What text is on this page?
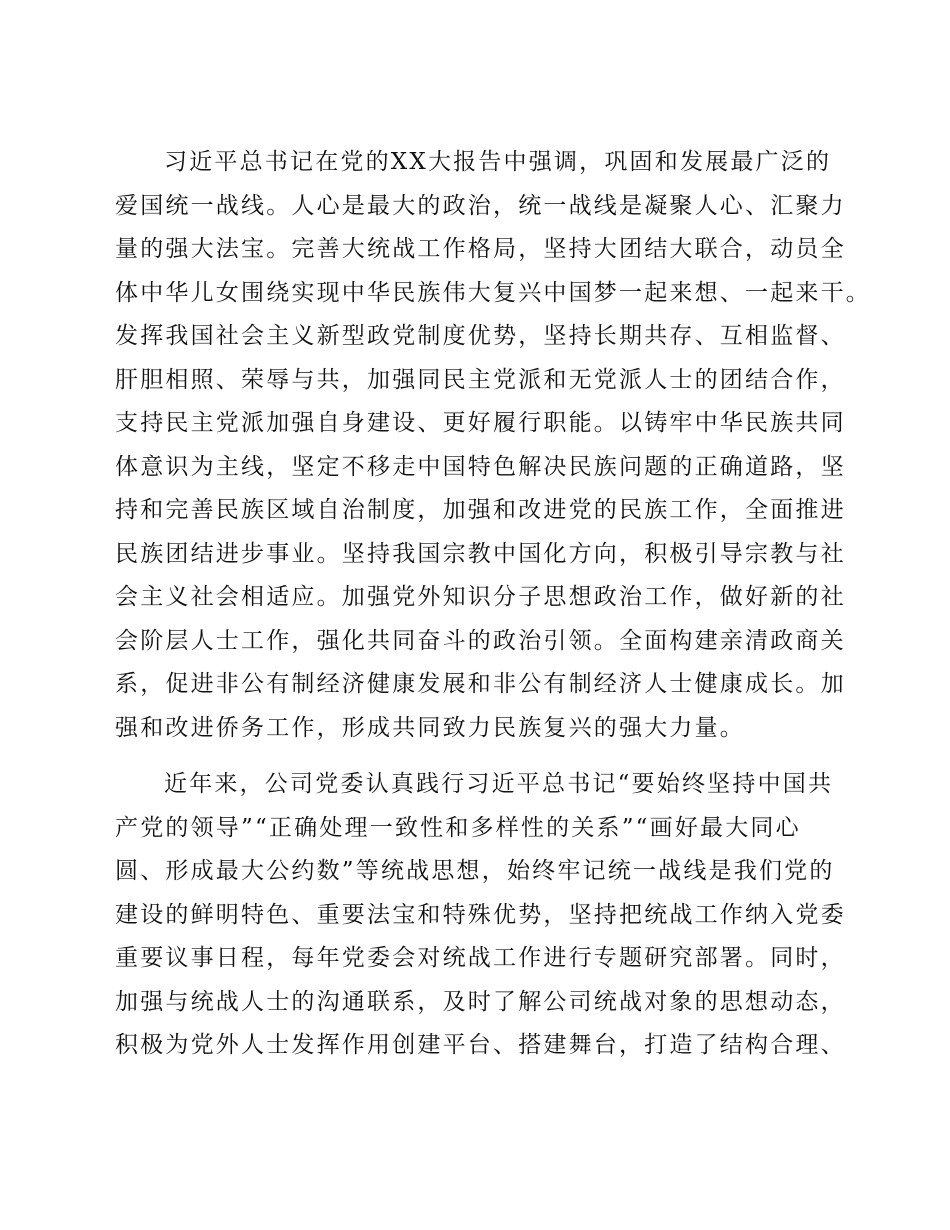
习近平总书记在党的XX大报告中强调，巩固和发展最广泛的
爱国统一战线。人心是最大的政治，统一战线是凝聚人心、汇聚力
量的强大法宝。完善大统战工作格局，坚持大团结大联合，动员全
体中华儿女围绕实现中华民族伟大复兴中国梦一起来想、一起来干。
发挥我国社会主义新型政党制度优势，坚持长期共存、互相监督、
肝胆相照、荣辱与共，加强同民主党派和无党派人士的团结合作，
支持民主党派加强自身建设、更好履行职能。以铸牢中华民族共同
体意识为主线，坚定不移走中国特色解决民族问题的正确道路，坚
持和完善民族区域自治制度，加强和改进党的民族工作，全面推进
民族团结进步事业。坚持我国宗教中国化方向，积极引导宗教与社
会主义社会相适应。加强党外知识分子思想政治工作，做好新的社
会阶层人士工作，强化共同奋斗的政治引领。全面构建亲清政商关
系，促进非公有制经济健康发展和非公有制经济人士健康成长。加
强和改进侨务工作，形成共同致力民族复兴的强大力量。
近年来，公司党委认真践行习近平总书记“要始终坚持中国共
产党的领导”“正确处理一致性和多样性的关系”“画好最大同心
圆、形成最大公约数”等统战思想，始终牢记统一战线是我们党的
建设的鲜明特色、重要法宝和特殊优势，坚持把统战工作纳入党委
重要议事日程，每年党委会对统战工作进行专题研究部署。同时，
加强与统战人士的沟通联系，及时了解公司统战对象的思想动态，
积极为党外人士发挥作用创建平台、搭建舞台，打造了结构合理、
